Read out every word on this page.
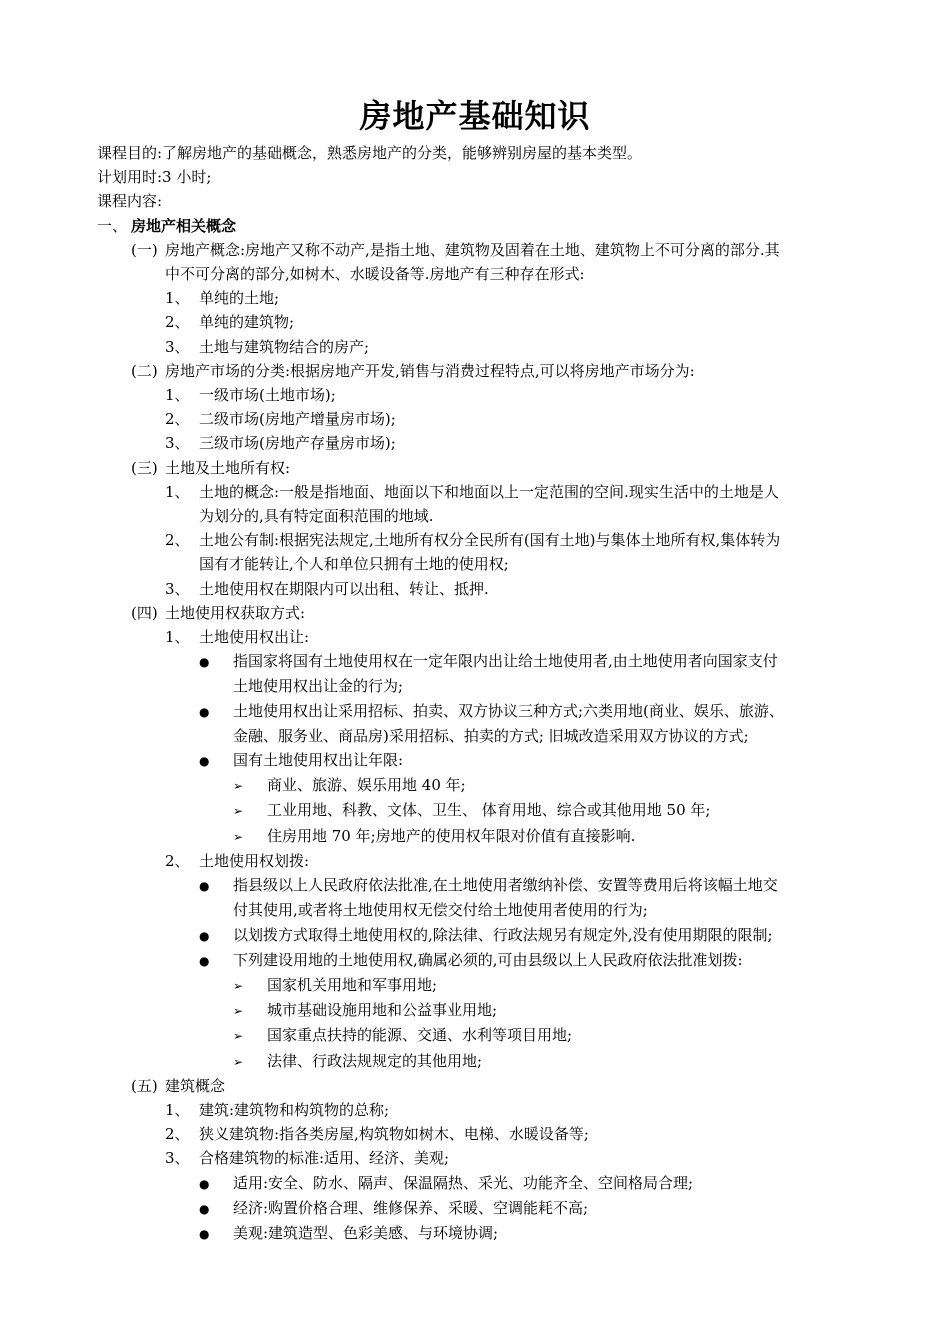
房地产基础知识
课程目的:了解房地产的基础概念，熟悉房地产的分类，能够辨别房屋的基本类型。
计划用时:3 小时;
课程内容:
一、 房地产相关概念
(一) 房地产概念:房地产又称不动产,是指土地、建筑物及固着在土地、建筑物上不可分离的部分.其
中不可分离的部分,如树木、水暖设备等.房地产有三种存在形式:
1、 单纯的土地;
2、 单纯的建筑物;
3、 土地与建筑物结合的房产;
(二) 房地产市场的分类:根据房地产开发,销售与消费过程特点,可以将房地产市场分为:
1、 一级市场(土地市场);
2、 二级市场(房地产增量房市场);
3、 三级市场(房地产存量房市场);
(三) 土地及土地所有权:
1、 土地的概念:一般是指地面、地面以下和地面以上一定范围的空间.现实生活中的土地是人
为划分的,具有特定面积范围的地域.
2、 土地公有制:根据宪法规定,土地所有权分全民所有(国有土地)与集体土地所有权,集体转为
国有才能转让,个人和单位只拥有土地的使用权;
3、 土地使用权在期限内可以出租、转让、抵押.
(四) 土地使用权获取方式:
1、 土地使用权出让:
● 指国家将国有土地使用权在一定年限内出让给土地使用者,由土地使用者向国家支付
土地使用权出让金的行为;
● 土地使用权出让采用招标、拍卖、双方协议三种方式;六类用地(商业、娱乐、旅游、
金融、服务业、商品房)采用招标、拍卖的方式; 旧城改造采用双方协议的方式;
● 国有土地使用权出让年限:
➢ 商业、旅游、娱乐用地 40 年;
➢ 工业用地、科教、文体、卫生、 体育用地、综合或其他用地 50 年;
➢ 住房用地 70 年;房地产的使用权年限对价值有直接影响.
2、 土地使用权划拨:
● 指县级以上人民政府依法批准,在土地使用者缴纳补偿、安置等费用后将该幅土地交
付其使用,或者将土地使用权无偿交付给土地使用者使用的行为;
● 以划拨方式取得土地使用权的,除法律、行政法规另有规定外,没有使用期限的限制;
● 下列建设用地的土地使用权,确属必须的,可由县级以上人民政府依法批准划拨:
➢ 国家机关用地和军事用地;
➢ 城市基础设施用地和公益事业用地;
➢ 国家重点扶持的能源、交通、水利等项目用地;
➢ 法律、行政法规规定的其他用地;
(五) 建筑概念
1、 建筑:建筑物和构筑物的总称;
2、 狭义建筑物:指各类房屋,构筑物如树木、电梯、水暖设备等;
3、 合格建筑物的标准:适用、经济、美观;
● 适用:安全、防水、隔声、保温隔热、采光、功能齐全、空间格局合理;
● 经济:购置价格合理、维修保养、采暖、空调能耗不高;
● 美观:建筑造型、色彩美感、与环境协调;
